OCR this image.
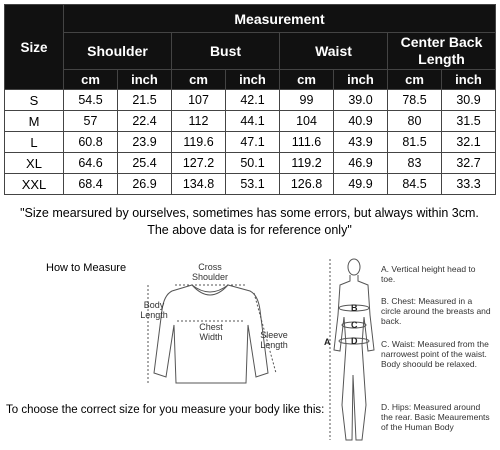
Size	Measurement							
	Shoulder		Bust		Waist		Center Back Length	
	cm	inch	cm	inch	cm	inch	cm	inch
S	54.5	21.5	107	42.1	99	39.0	78.5	30.9
M	57	22.4	112	44.1	104	40.9	80	31.5
L	60.8	23.9	119.6	47.1	111.6	43.9	81.5	32.1
XL	64.6	25.4	127.2	50.1	119.2	46.9	83	32.7
XXL	68.4	26.9	134.8	53.1	126.8	49.9	84.5	33.3
"Size mearsured by ourselves, sometimes has some errors, but always within 3cm.
The above data is for reference only"
How to Measure	Cross Shoulder
Body Length
Chest Width	Sleeve Length
To choose the correct size for you measure your body like this:
A
B
C
D
A. Vertical height head to toe.
B. Chest: Measured in a circle around the breasts and back.
C. Waist: Measured from the narrowest point of the waist. Body shoould be relaxed.
D. Hips: Measured around the rear. Basic Meaurements of the Human Body
